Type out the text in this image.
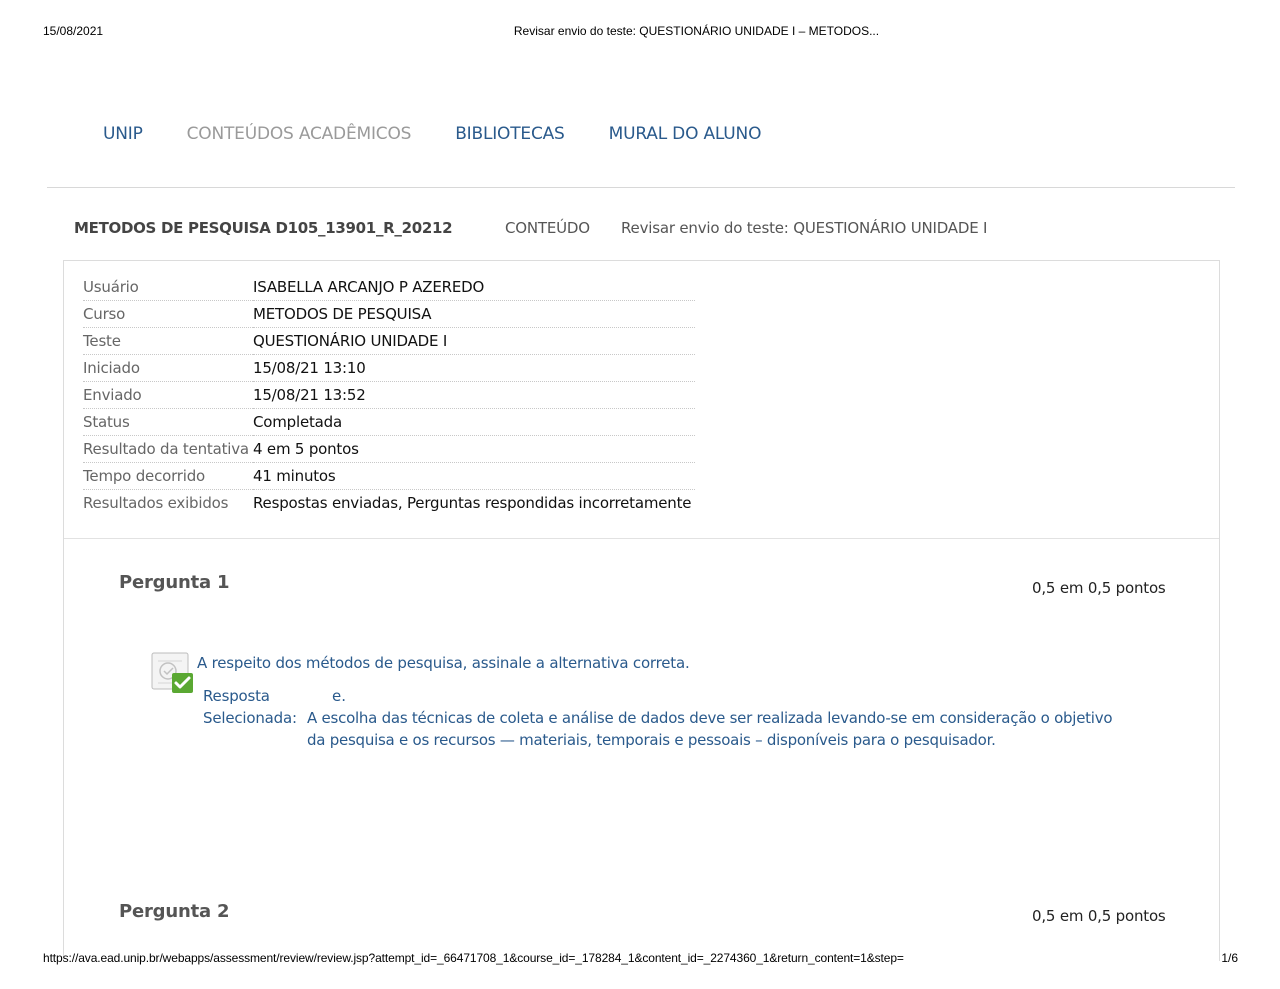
15/08/2021	Revisar envio do teste: QUESTIONÁRIO UNIDADE I – METODOS...
UNIP	CONTEÚDOS ACADÊMICOS	BIBLIOTECAS	MURAL DO ALUNO
METODOS DE PESQUISA D105_13901_R_20212	CONTEÚDO Revisar envio do teste: QUESTIONÁRIO UNIDADE I
Usuário	ISABELLA ARCANJO P AZEREDO
Curso	METODOS DE PESQUISA
Teste	QUESTIONÁRIO UNIDADE I
Iniciado	15/08/21 13:10
Enviado	15/08/21 13:52
Status	Completada
Resultado da tentativa	4 em 5 pontos
Tempo decorrido	41 minutos
Resultados exibidos	Respostas enviadas, Perguntas respondidas incorretamente
Pergunta 1	0,5 em 0,5 pontos
A respeito dos métodos de pesquisa, assinale a alternativa correta.
Resposta
Selecionada:
e.
A escolha das técnicas de coleta e análise de dados deve ser realizada levando-se em consideração o objetivo da pesquisa e os recursos — materiais, temporais e pessoais – disponíveis para o pesquisador.
Pergunta 2	0,5 em 0,5 pontos
https://ava.ead.unip.br/webapps/assessment/review/review.jsp?attempt_id=_66471708_1&course_id=_178284_1&content_id=_2274360_1&return_content=1&step=	1/6
